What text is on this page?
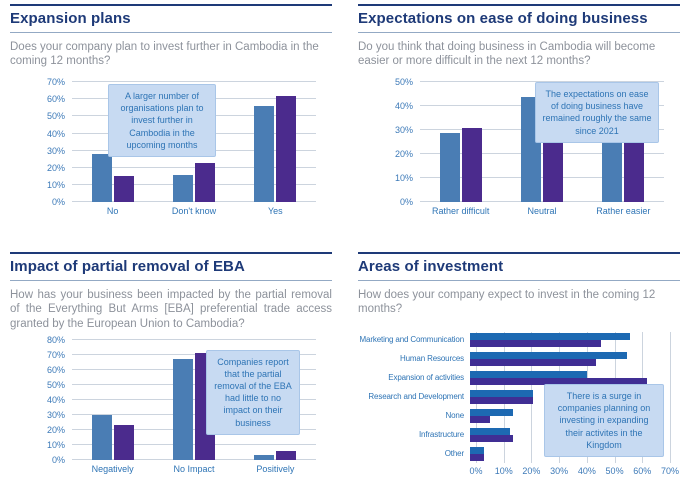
Expansion plans

Does your company plan to invest further in Cambodia in the coming 12 months?

0%
10%
20%
30%
40%
50%
60%
70%
No	Don't know	Yes
A larger number of organisations plan to invest further in Cambodia in the upcoming months
Expectations on ease of doing business

Do you think that doing business in Cambodia will become easier or more difficult in the next 12 months?

0%
10%
20%
30%
40%
50%
Rather difficult	Neutral	Rather easier
The expectations on ease of doing business have remained roughly the same since 2021
Impact of partial removal of EBA

How has your business been impacted by the partial removal of the Everything But Arms [EBA] preferential trade access granted by the European Union to Cambodia?

0%
10%
20%
30%
40%
50%
60%
70%
80%
Negatively	No Impact	Positively
Companies report that the partial removal of the EBA had little to no impact on their business
Areas of investment

How does your company expect to invest in the coming 12 months?

Marketing and Communication
Human Resources
Expansion of activities
Research and Development
None
Infrastructure
Other
0% 10% 20% 30% 40% 50% 60% 70%
There is a surge in companies planning on investing in expanding their activites in the Kingdom
